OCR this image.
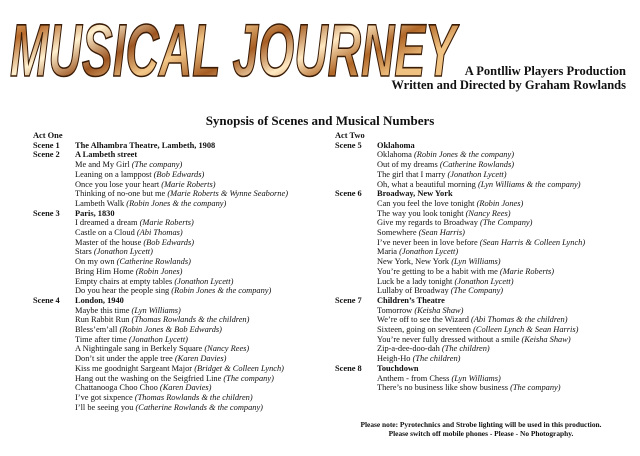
MUSICAL JOURNEY A Pontlliw Players Production
Written and Directed by Graham Rowlands
Synopsis of Scenes and Musical Numbers
Act One
Scene 1	The Alhambra Theatre, Lambeth, 1908
Scene 2	A Lambeth street
Me and My Girl (The company)
Leaning on a lamppost (Bob Edwards)
Once you lose your heart (Marie Roberts)
Thinking of no-one but me (Marie Roberts & Wynne Seaborne)
Lambeth Walk (Robin Jones & the company)
Scene 3	Paris, 1830
I dreamed a dream (Marie Roberts)
Castle on a Cloud (Abi Thomas)
Master of the house (Bob Edwards)
Stars (Jonathon Lycett)
On my own (Catherine Rowlands)
Bring Him Home (Robin Jones)
Empty chairs at empty tables (Jonathon Lycett)
Do you hear the people sing (Robin Jones & the company)
Scene 4	London, 1940
Maybe this time (Lyn Williams)
Run Rabbit Run (Thomas Rowlands & the children)
Bless’em’all (Robin Jones & Bob Edwards)
Time after time (Jonathon Lycett)
A Nightingale sang in Berkely Square (Nancy Rees)
Don’t sit under the apple tree (Karen Davies)
Kiss me goodnight Sargeant Major (Bridget & Colleen Lynch)
Hang out the washing on the Seigfried Line (The company)
Chattanooga Choo Choo (Karen Davies)
I’ve got sixpence (Thomas Rowlands & the children)
I’ll be seeing you (Catherine Rowlands & the company)
Act Two
Scene 5	Oklahoma
Oklahoma (Robin Jones & the company)
Out of my dreams (Catherine Rowlands)
The girl that I marry (Jonathon Lycett)
Oh, what a beautiful morning (Lyn Williams & the company)
Scene 6	Broadway, New York
Can you feel the love tonight (Robin Jones)
The way you look tonight (Nancy Rees)
Give my regards to Broadway (The Company)
Somewhere (Sean Harris)
I’ve never been in love before (Sean Harris & Colleen Lynch)
Maria (Jonathon Lycett)
New York, New York (Lyn Williams)
You’re getting to be a habit with me (Marie Roberts)
Luck be a lady tonight (Jonathon Lycett)
Lullaby of Broadway (The Company)
Scene 7	Children’s Theatre
Tomorrow (Keisha Shaw)
We’re off to see the Wizard (Abi Thomas & the children)
Sixteen, going on seventeen (Colleen Lynch & Sean Harris)
You’re never fully dressed without a smile (Keisha Shaw)
Zip-a-dee-doo-dah (The children)
Heigh-Ho (The children)
Scene 8	Touchdown
Anthem - from Chess (Lyn Williams)
There’s no business like show business (The company)
Please note: Pyrotechnics and Strobe lighting will be used in this production.
Please switch off mobile phones - Please - No Photography.
